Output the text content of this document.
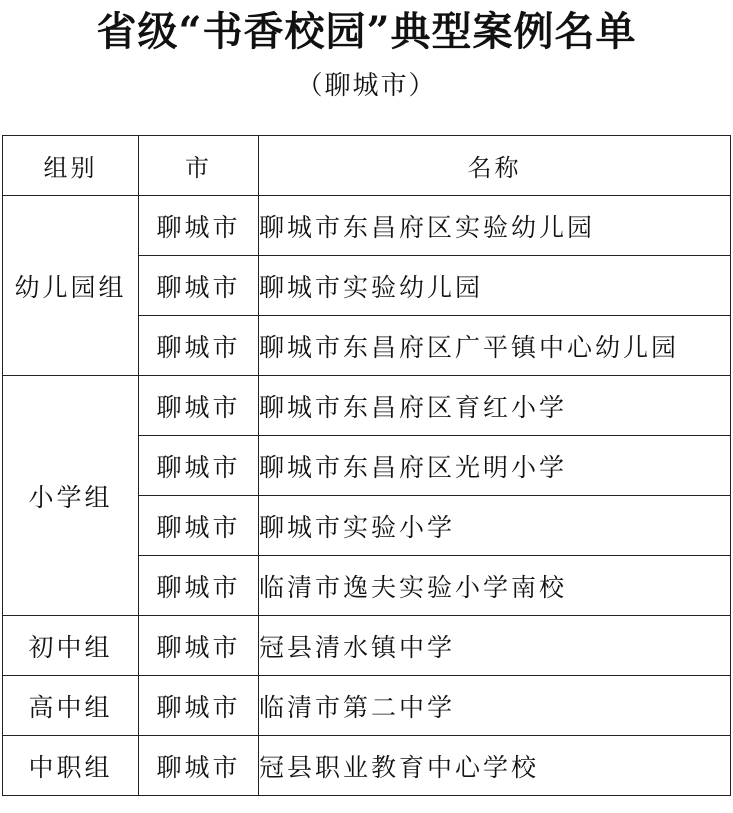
省级“书香校园”典型案例名单
（聊城市）
组别	市	名称
幼儿园组	聊城市	聊城市东昌府区实验幼儿园
	聊城市	聊城市实验幼儿园
	聊城市	聊城市东昌府区广平镇中心幼儿园
小学组	聊城市	聊城市东昌府区育红小学
	聊城市	聊城市东昌府区光明小学
	聊城市	聊城市实验小学
	聊城市	临清市逸夫实验小学南校
初中组	聊城市	冠县清水镇中学
高中组	聊城市	临清市第二中学
中职组	聊城市	冠县职业教育中心学校
